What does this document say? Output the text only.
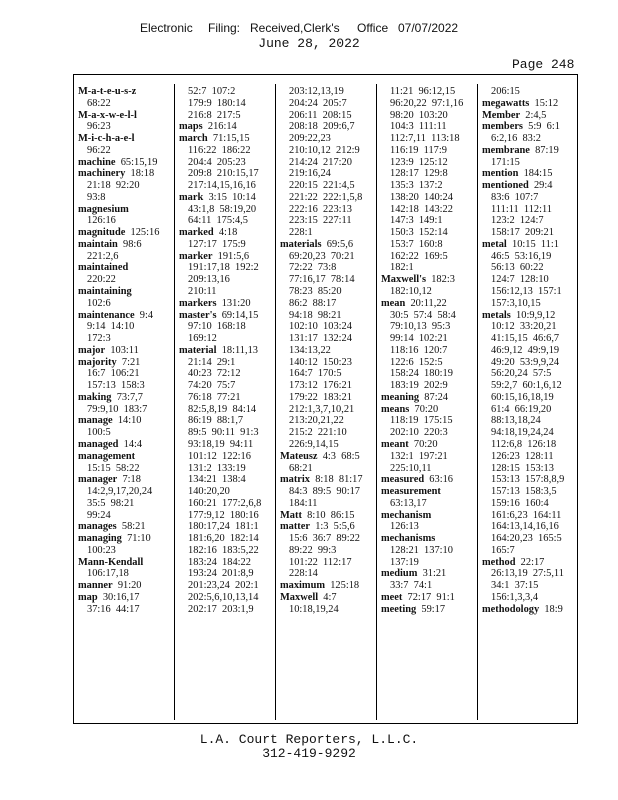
Electronic Filing: Received,Clerk's Office 07/07/2022
June 28, 2022
Page 248
M-a-t-e-u-s-z
68:22
M-a-x-w-e-l-l
96:23
M-i-c-h-a-e-l
96:22
machine  65:15,19
machinery  18:18
21:18  92:20
93:8
magnesium
126:16
magnitude  125:16
maintain  98:6
221:2,6
maintained
220:22
maintaining
102:6
maintenance  9:4
9:14  14:10
172:3
major  103:11
majority  7:21
16:7  106:21
157:13  158:3
making  73:7,7
79:9,10  183:7
manage  14:10
100:5
managed  14:4
management
15:15  58:22
manager  7:18
14:2,9,17,20,24
35:5  98:21
99:24
manages  58:21
managing  71:10
100:23
Mann-Kendall
106:17,18
manner  91:20
map  30:16,17
37:16  44:17
52:7  107:2
179:9  180:14
216:8  217:5
maps  216:14
march  71:15,15
116:22  186:22
204:4  205:23
209:8  210:15,17
217:14,15,16,16
mark  3:15  10:14
43:1,8  58:19,20
64:11  175:4,5
marked  4:18
127:17  175:9
marker  191:5,6
191:17,18  192:2
209:13,16
210:11
markers  131:20
master's  69:14,15
97:10  168:18
169:12
material  18:11,13
21:14  29:1
40:23  72:12
74:20  75:7
76:18  77:21
82:5,8,19  84:14
86:19  88:1,7
89:5  90:11  91:3
93:18,19  94:11
101:12  122:16
131:2  133:19
134:21  138:4
140:20,20
160:21  177:2,6,8
177:9,12  180:16
180:17,24  181:1
181:6,20  182:14
182:16  183:5,22
183:24  184:22
193:24  201:8,9
201:23,24  202:1
202:5,6,10,13,14
202:17  203:1,9
203:12,13,19
204:24  205:7
206:11  208:15
208:18  209:6,7
209:22,23
210:10,12  212:9
214:24  217:20
219:16,24
220:15  221:4,5
221:22  222:1,5,8
222:16  223:13
223:15  227:11
228:1
materials  69:5,6
69:20,23  70:21
72:22  73:8
77:16,17  78:14
78:23  85:20
86:2  88:17
94:18  98:21
102:10  103:24
131:17  132:24
134:13,22
140:12  150:23
164:7  170:5
173:12  176:21
179:22  183:21
212:1,3,7,10,21
213:20,21,22
215:2  221:10
226:9,14,15
Mateusz  4:3  68:5
68:21
matrix  8:18  81:17
84:3  89:5  90:17
184:11
Matt  8:10  86:15
matter  1:3  5:5,6
15:6  36:7  89:22
89:22  99:3
101:22  112:17
228:14
maximum  125:18
Maxwell  4:7
10:18,19,24
11:21  96:12,15
96:20,22  97:1,16
98:20  103:20
104:3  111:11
112:7,11  113:18
116:19  117:9
123:9  125:12
128:17  129:8
135:3  137:2
138:20  140:24
142:18  143:22
147:3  149:1
150:3  152:14
153:7  160:8
162:22  169:5
182:1
Maxwell's  182:3
182:10,12
mean  20:11,22
30:5  57:4  58:4
79:10,13  95:3
99:14  102:21
118:16  120:7
122:6  152:5
158:24  180:19
183:19  202:9
meaning  87:24
means  70:20
118:19  175:15
202:10  220:3
meant  70:20
132:1  197:21
225:10,11
measured  63:16
measurement
63:13,17
mechanism
126:13
mechanisms
128:21  137:10
137:19
medium  31:21
33:7  74:1
meet  72:17  91:1
meeting  59:17
206:15
megawatts  15:12
Member  2:4,5
members  5:9  6:1
6:2,16  83:2
membrane  87:19
171:15
mention  184:15
mentioned  29:4
83:6  107:7
111:11  112:11
123:2  124:7
158:17  209:21
metal  10:15  11:1
46:5  53:16,19
56:13  60:22
124:7  128:10
156:12,13  157:1
157:3,10,15
metals  10:9,9,12
10:12  33:20,21
41:15,15  46:6,7
46:9,12  49:9,19
49:20  53:9,9,24
56:20,24  57:5
59:2,7  60:1,6,12
60:15,16,18,19
61:4  66:19,20
88:13,18,24
94:18,19,24,24
112:6,8  126:18
126:23  128:11
128:15  153:13
153:13  157:8,8,9
157:13  158:3,5
159:16  160:4
161:6,23  164:11
164:13,14,16,16
164:20,23  165:5
165:7
method  22:17
26:13,19  27:5,11
34:1  37:15
156:1,3,3,4
methodology  18:9
L.A. Court Reporters, L.L.C.
312-419-9292
